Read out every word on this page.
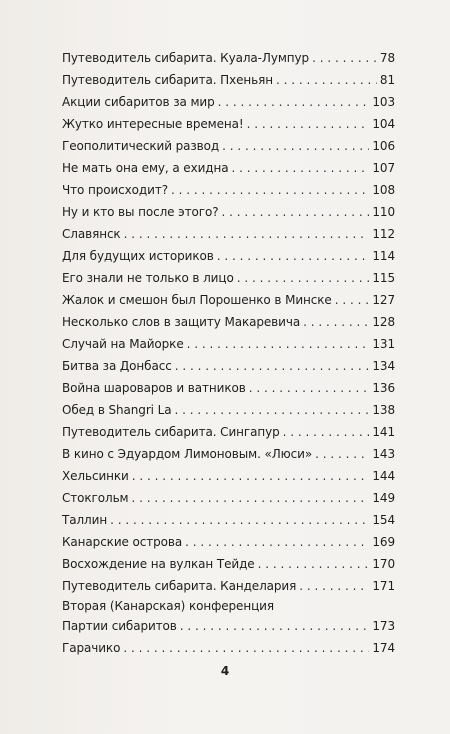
Путеводитель сибарита. Куала-Лумпур . . .	78
Путеводитель сибарита. Пхеньян . . .	81
Акции сибаритов за мир . . .	103
Жутко интересные времена! . . .	104
Геополитический развод . . .	106
Не мать она ему, а ехидна . . .	107
Что происходит? . . .	108
Ну и кто вы после этого? . . .	110
Славянск . . .	112
Для будущих историков . . .	114
Его знали не только в лицо . . .	115
Жалок и смешон был Порошенко в Минске . . .	127
Несколько слов в защиту Макаревича . . .	128
Случай на Майорке . . .	131
Битва за Донбасс . . .	134
Война шароваров и ватников . . .	136
Обед в Shangri La . . .	138
Путеводитель сибарита. Сингапур . . .	141
В кино с Эдуардом Лимоновым. «Люси» . . .	143
Хельсинки . . .	144
Стокгольм . . .	149
Таллин . . .	154
Канарские острова . . .	169
Восхождение на вулкан Тейде . . .	170
Путеводитель сибарита. Канделария . . .	171
Вторая (Канарская) конференция
Партии сибаритов . . .	173
Гарачико . . .	174
4
